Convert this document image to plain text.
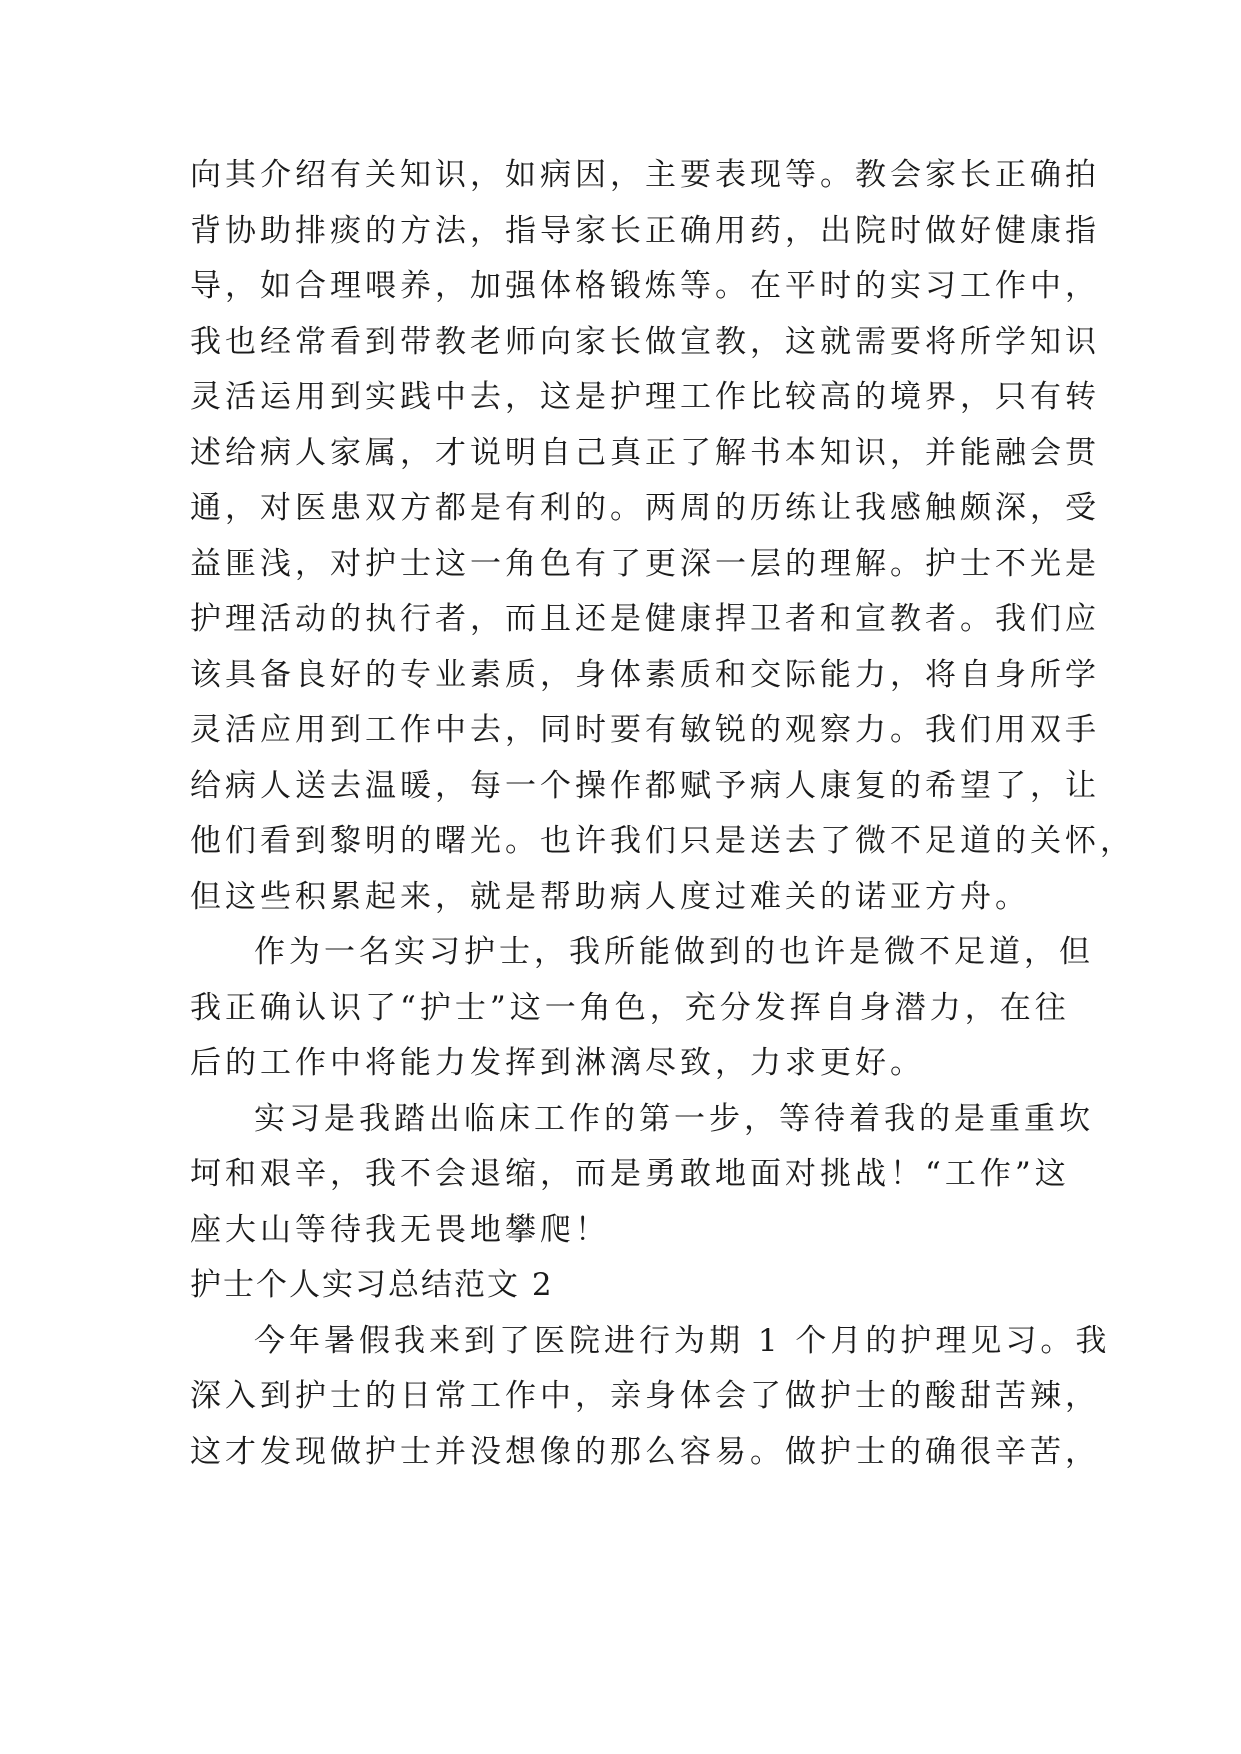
向其介绍有关知识，如病因，主要表现等。教会家长正确拍
背协助排痰的方法，指导家长正确用药，出院时做好健康指
导，如合理喂养，加强体格锻炼等。在平时的实习工作中，
我也经常看到带教老师向家长做宣教，这就需要将所学知识
灵活运用到实践中去，这是护理工作比较高的境界，只有转
述给病人家属，才说明自己真正了解书本知识，并能融会贯
通，对医患双方都是有利的。两周的历练让我感触颇深，受
益匪浅，对护士这一角色有了更深一层的理解。护士不光是
护理活动的执行者，而且还是健康捍卫者和宣教者。我们应
该具备良好的专业素质，身体素质和交际能力，将自身所学
灵活应用到工作中去，同时要有敏锐的观察力。我们用双手
给病人送去温暖，每一个操作都赋予病人康复的希望了，让
他们看到黎明的曙光。也许我们只是送去了微不足道的关怀，
但这些积累起来，就是帮助病人度过难关的诺亚方舟。
作为一名实习护士，我所能做到的也许是微不足道，但
我正确认识了“护士”这一角色，充分发挥自身潜力，在往
后的工作中将能力发挥到淋漓尽致，力求更好。
实习是我踏出临床工作的第一步，等待着我的是重重坎
坷和艰辛，我不会退缩，而是勇敢地面对挑战！“工作”这
座大山等待我无畏地攀爬！
护士个人实习总结范文 2
今年暑假我来到了医院进行为期 1 个月的护理见习。我
深入到护士的日常工作中，亲身体会了做护士的酸甜苦辣，
这才发现做护士并没想像的那么容易。做护士的确很辛苦，
